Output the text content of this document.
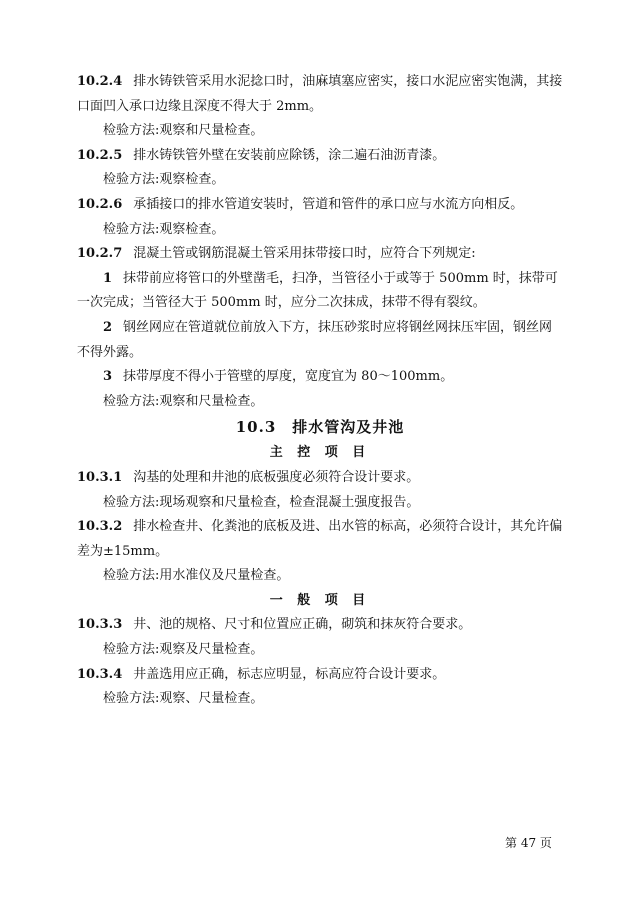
10.2.4 排水铸铁管采用水泥捻口时，油麻填塞应密实，接口水泥应密实饱满，其接
口面凹入承口边缘且深度不得大于 2mm。
检验方法:观察和尺量检查。
10.2.5 排水铸铁管外壁在安装前应除锈，涂二遍石油沥青漆。
检验方法:观察检查。
10.2.6 承插接口的排水管道安装时，管道和管件的承口应与水流方向相反。
检验方法:观察检查。
10.2.7 混凝土管或钢筋混凝土管采用抹带接口时，应符合下列规定:
1 抹带前应将管口的外壁凿毛，扫净，当管径小于或等于 500mm 时，抹带可
一次完成；当管径大于 500mm 时，应分二次抹成，抹带不得有裂纹。
2 钢丝网应在管道就位前放入下方，抹压砂浆时应将钢丝网抹压牢固，钢丝网
不得外露。
3 抹带厚度不得小于管壁的厚度，宽度宜为 80～100mm。
检验方法:观察和尺量检查。
10.3　排水管沟及井池
主 控 项 目
10.3.1 沟基的处理和井池的底板强度必须符合设计要求。
检验方法:现场观察和尺量检查，检查混凝土强度报告。
10.3.2 排水检查井、化粪池的底板及进、出水管的标高，必须符合设计，其允许偏
差为±15mm。
检验方法:用水准仪及尺量检查。
一 般 项 目
10.3.3 井、池的规格、尺寸和位置应正确，砌筑和抹灰符合要求。
检验方法:观察及尺量检查。
10.3.4 井盖选用应正确，标志应明显，标高应符合设计要求。
检验方法:观察、尺量检查。
第 47 页
